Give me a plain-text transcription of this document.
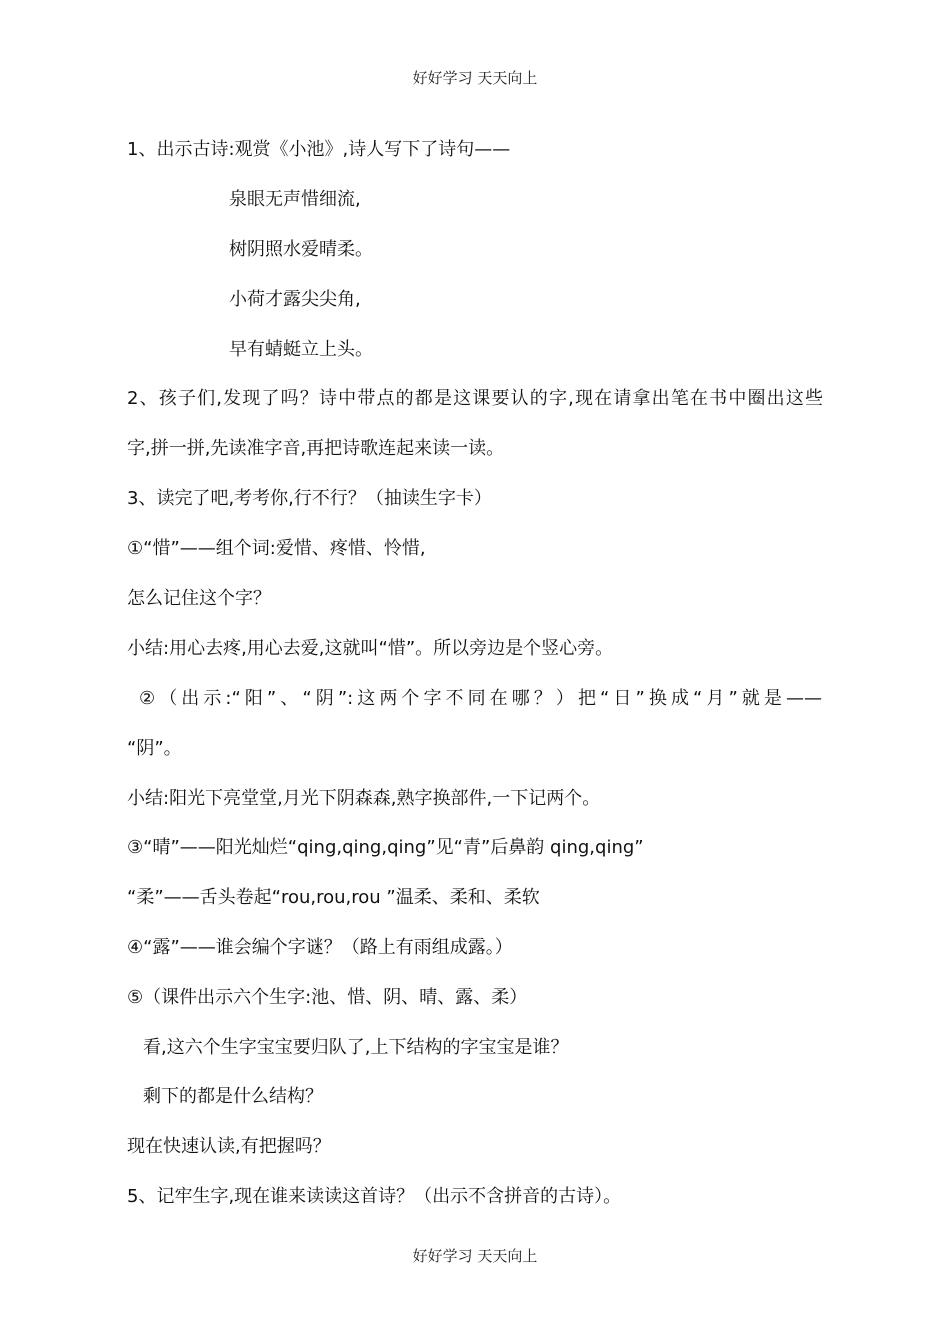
好好学习 天天向上
1、出示古诗:观赏《小池》,诗人写下了诗句——
泉眼无声惜细流,
树阴照水爱晴柔。
小荷才露尖尖角,
早有蜻蜓立上头。
2、孩子们,发现了吗？诗中带点的都是这课要认的字,现在请拿出笔在书中圈出这些
字,拼一拼,先读准字音,再把诗歌连起来读一读。
3、读完了吧,考考你,行不行？（抽读生字卡）
①“惜”——组个词:爱惜、疼惜、怜惜,
怎么记住这个字？
小结:用心去疼,用心去爱,这就叫“惜”。所以旁边是个竖心旁。
②（出示:“阳”、“阴”:这两个字不同在哪？）把“日”换成“月”就是——
“阴”。
小结:阳光下亮堂堂,月光下阴森森,熟字换部件,一下记两个。
③“晴”——阳光灿烂“qing,qing,qing”见“青”后鼻韵 qing,qing”
“柔”——舌头卷起“rou,rou,rou ”温柔、柔和、柔软
④“露”——谁会编个字谜？（路上有雨组成露。）
⑤（课件出示六个生字:池、惜、阴、晴、露、柔）
看,这六个生字宝宝要归队了,上下结构的字宝宝是谁？
剩下的都是什么结构？
现在快速认读,有把握吗？
5、记牢生字,现在谁来读读这首诗？（出示不含拼音的古诗）。
好好学习 天天向上
